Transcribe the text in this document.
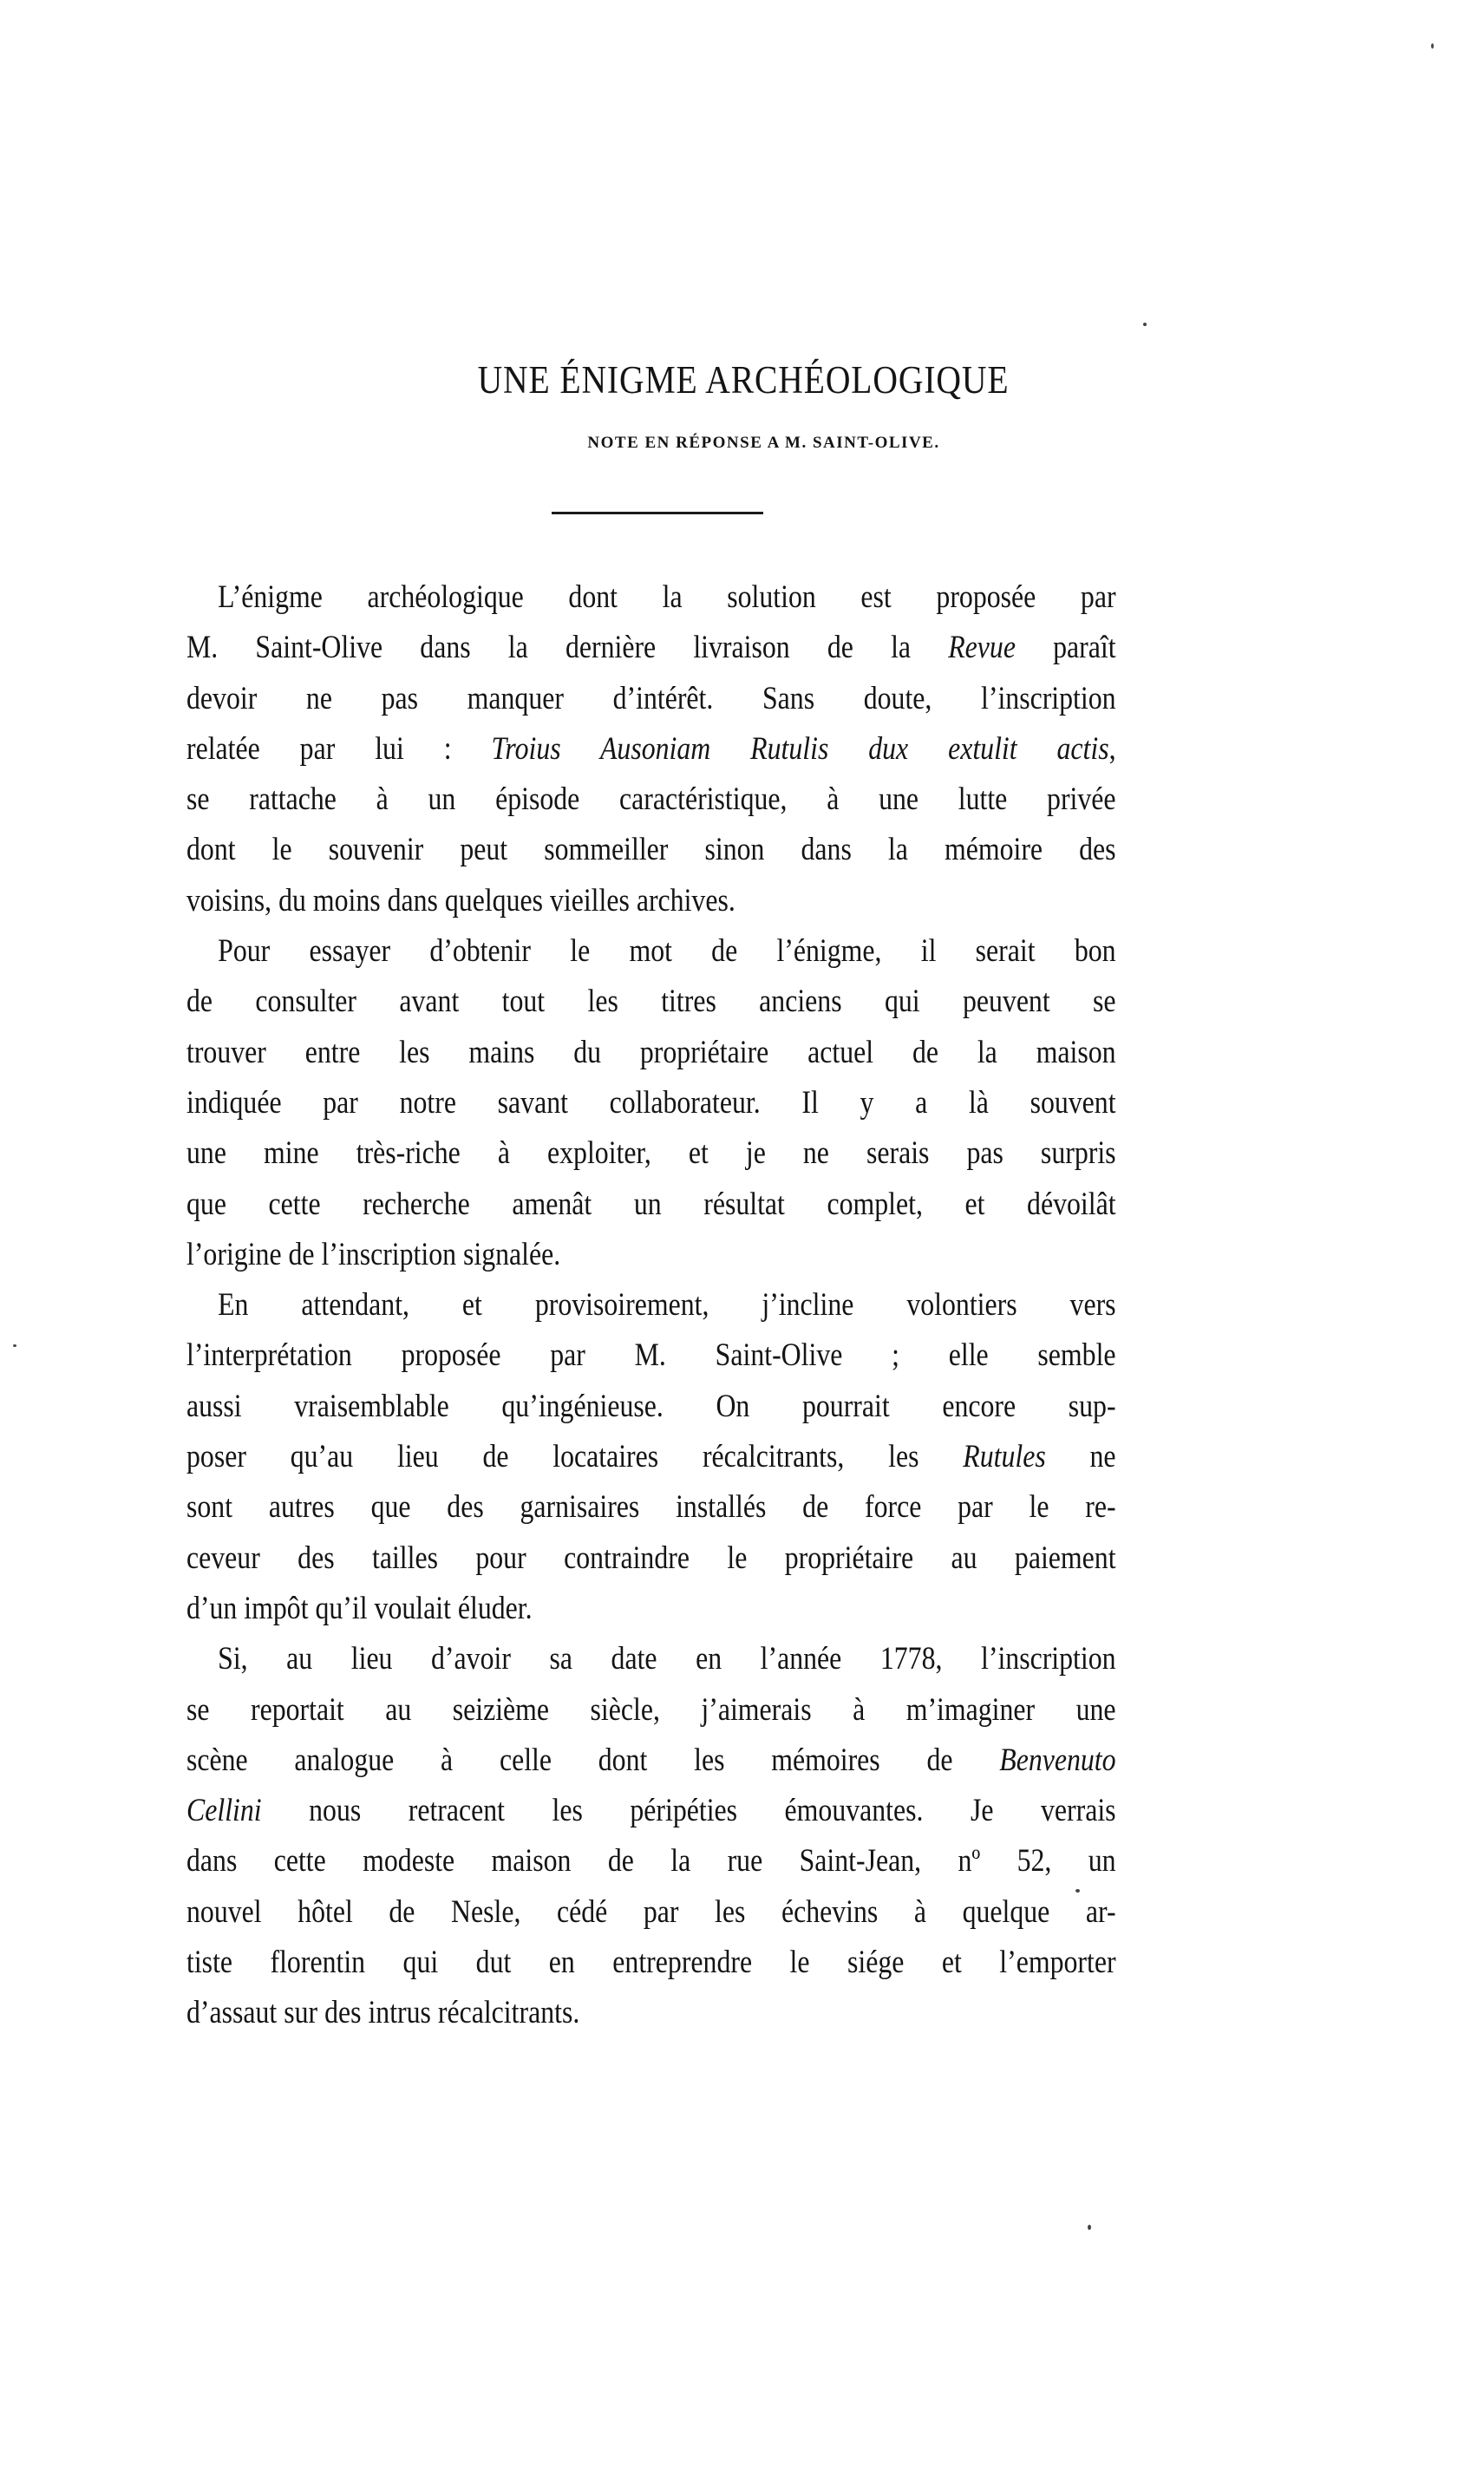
UNE ÉNIGME ARCHÉOLOGIQUE
NOTE EN RÉPONSE A M. SAINT-OLIVE.
L’énigme archéologique dont la solution est proposée par
M. Saint-Olive dans la dernière livraison de la Revue paraît
devoir ne pas manquer d’intérêt. Sans doute, l’inscription
relatée par lui : Troius Ausoniam Rutulis dux extulit actis,
se rattache à un épisode caractéristique, à une lutte privée
dont le souvenir peut sommeiller sinon dans la mémoire des
voisins, du moins dans quelques vieilles archives.
Pour essayer d’obtenir le mot de l’énigme, il serait bon
de consulter avant tout les titres anciens qui peuvent se
trouver entre les mains du propriétaire actuel de la maison
indiquée par notre savant collaborateur. Il y a là souvent
une mine très-riche à exploiter, et je ne serais pas surpris
que cette recherche amenât un résultat complet, et dévoilât
l’origine de l’inscription signalée.
En attendant, et provisoirement, j’incline volontiers vers
l’interprétation proposée par M. Saint-Olive ; elle semble
aussi vraisemblable qu’ingénieuse. On pourrait encore sup-
poser qu’au lieu de locataires récalcitrants, les Rutules ne
sont autres que des garnisaires installés de force par le re-
ceveur des tailles pour contraindre le propriétaire au paiement
d’un impôt qu’il voulait éluder.
Si, au lieu d’avoir sa date en l’année 1778, l’inscription
se reportait au seizième siècle, j’aimerais à m’imaginer une
scène analogue à celle dont les mémoires de Benvenuto
Cellini nous retracent les péripéties émouvantes. Je verrais
dans cette modeste maison de la rue Saint-Jean, nº 52, un
nouvel hôtel de Nesle, cédé par les échevins à quelque ar-
tiste florentin qui dut en entreprendre le siége et l’emporter
d’assaut sur des intrus récalcitrants.
